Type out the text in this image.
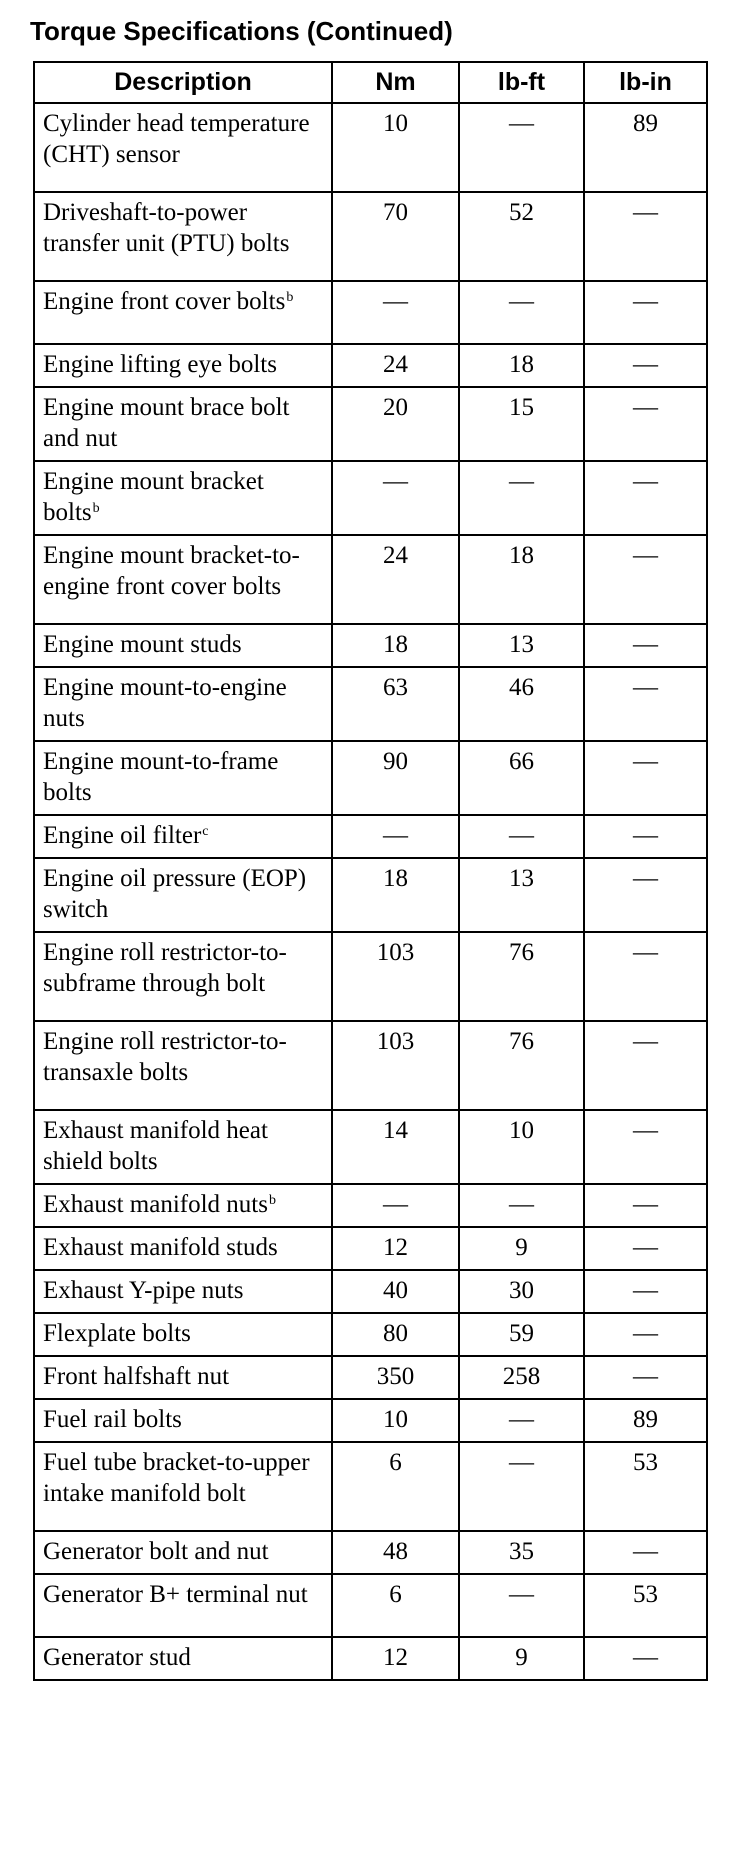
Torque Specifications (Continued)
Description	Nm	lb-ft	lb-in
Cylinder head temperature (CHT) sensor	10	—	89
Driveshaft-to-power transfer unit (PTU) bolts	70	52	—
Engine front cover bolts$^b$	—	—	—
Engine lifting eye bolts	24	18	—
Engine mount brace bolt and nut	20	15	—
Engine mount bracket bolts$^b$	—	—	—
Engine mount bracket-to-engine front cover bolts	24	18	—
Engine mount studs	18	13	—
Engine mount-to-engine nuts	63	46	—
Engine mount-to-frame bolts	90	66	—
Engine oil filter$^c$	—	—	—
Engine oil pressure (EOP) switch	18	13	—
Engine roll restrictor-to-subframe through bolt	103	76	—
Engine roll restrictor-to-transaxle bolts	103	76	—
Exhaust manifold heat shield bolts	14	10	—
Exhaust manifold nuts$^b$	—	—	—
Exhaust manifold studs	12	9	—
Exhaust Y-pipe nuts	40	30	—
Flexplate bolts	80	59	—
Front halfshaft nut	350	258	—
Fuel rail bolts	10	—	89
Fuel tube bracket-to-upper intake manifold bolt	6	—	53
Generator bolt and nut	48	35	—
Generator B+ terminal nut	6	—	53
Generator stud	12	9	—
